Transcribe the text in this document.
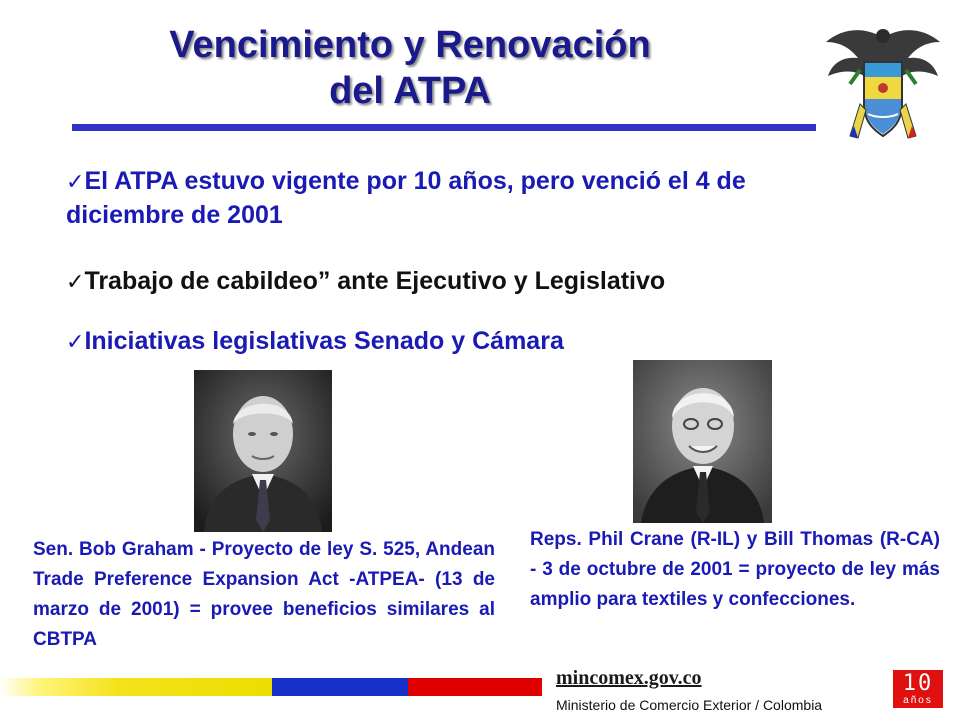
Vencimiento y Renovación
del ATPA
✓El ATPA estuvo vigente por 10 años, pero venció el 4 de diciembre de 2001
✓Trabajo de cabildeo” ante Ejecutivo y Legislativo
✓Iniciativas legislativas Senado y Cámara
Sen. Bob Graham - Proyecto de ley S. 525, Andean Trade Preference Expansion Act -ATPEA- (13 de marzo de 2001) = provee beneficios similares al CBTPA
Reps. Phil Crane (R-IL) y Bill Thomas (R-CA) - 3 de octubre de 2001 = proyecto de ley más amplio para textiles y confecciones.
mincomex.gov.co
Ministerio de Comercio Exterior / Colombia
10
años
